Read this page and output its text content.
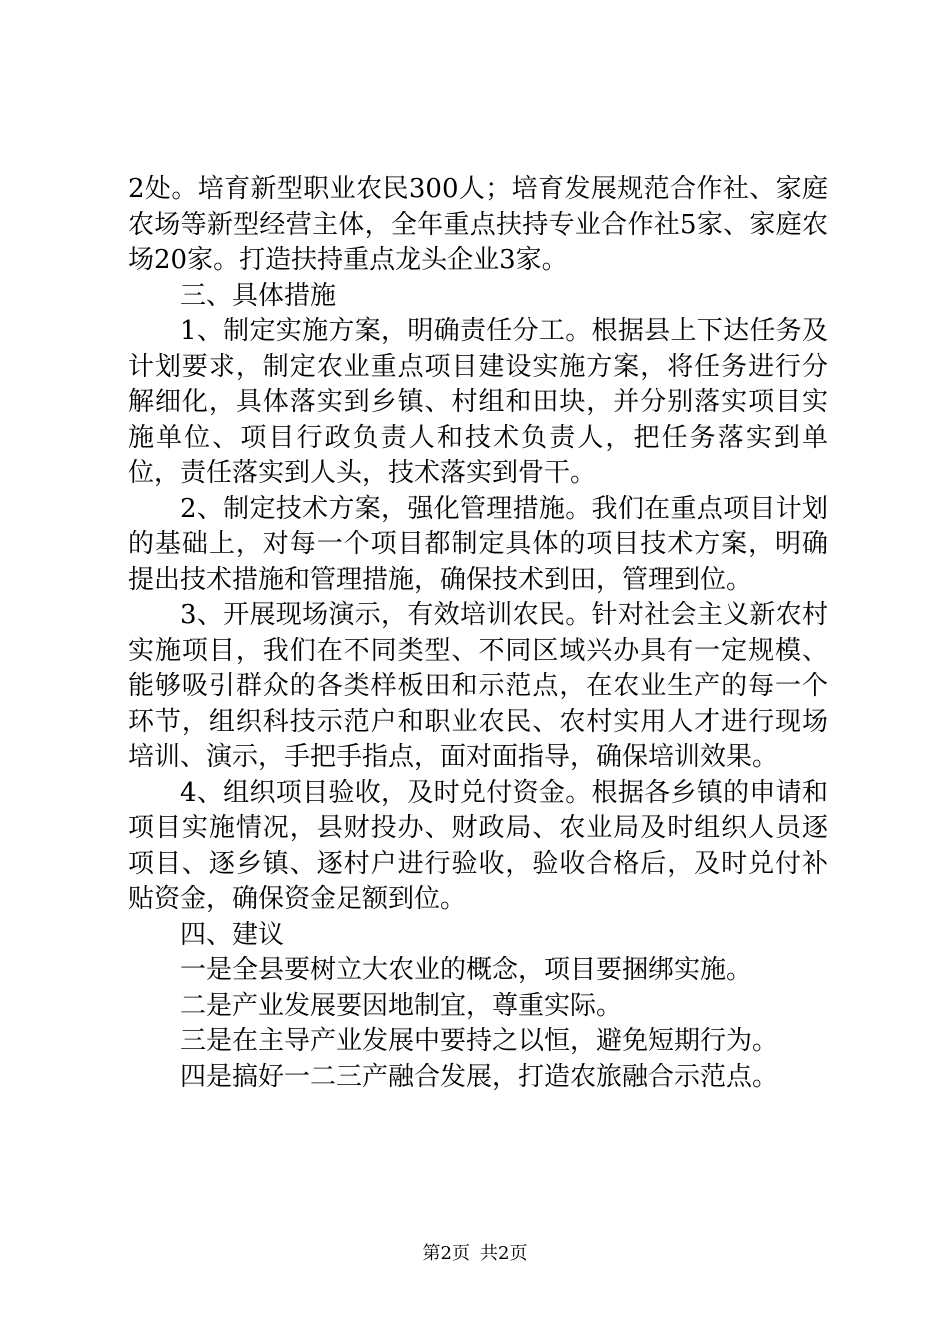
2处。培育新型职业农民300人；培育发展规范合作社、家庭农场等新型经营主体，全年重点扶持专业合作社5家、家庭农场20家。打造扶持重点龙头企业3家。

三、具体措施

1、制定实施方案，明确责任分工。根据县上下达任务及计划要求，制定农业重点项目建设实施方案，将任务进行分解细化，具体落实到乡镇、村组和田块，并分别落实项目实施单位、项目行政负责人和技术负责人，把任务落实到单位，责任落实到人头，技术落实到骨干。

2、制定技术方案，强化管理措施。我们在重点项目计划的基础上，对每一个项目都制定具体的项目技术方案，明确提出技术措施和管理措施，确保技术到田，管理到位。

3、开展现场演示，有效培训农民。针对社会主义新农村实施项目，我们在不同类型、不同区域兴办具有一定规模、能够吸引群众的各类样板田和示范点，在农业生产的每一个环节，组织科技示范户和职业农民、农村实用人才进行现场培训、演示，手把手指点，面对面指导，确保培训效果。

4、组织项目验收，及时兑付资金。根据各乡镇的申请和项目实施情况，县财投办、财政局、农业局及时组织人员逐项目、逐乡镇、逐村户进行验收，验收合格后，及时兑付补贴资金，确保资金足额到位。

四、建议

一是全县要树立大农业的概念，项目要捆绑实施。

二是产业发展要因地制宜，尊重实际。

三是在主导产业发展中要持之以恒，避免短期行为。

四是搞好一二三产融合发展，打造农旅融合示范点。

第2页 共2页
